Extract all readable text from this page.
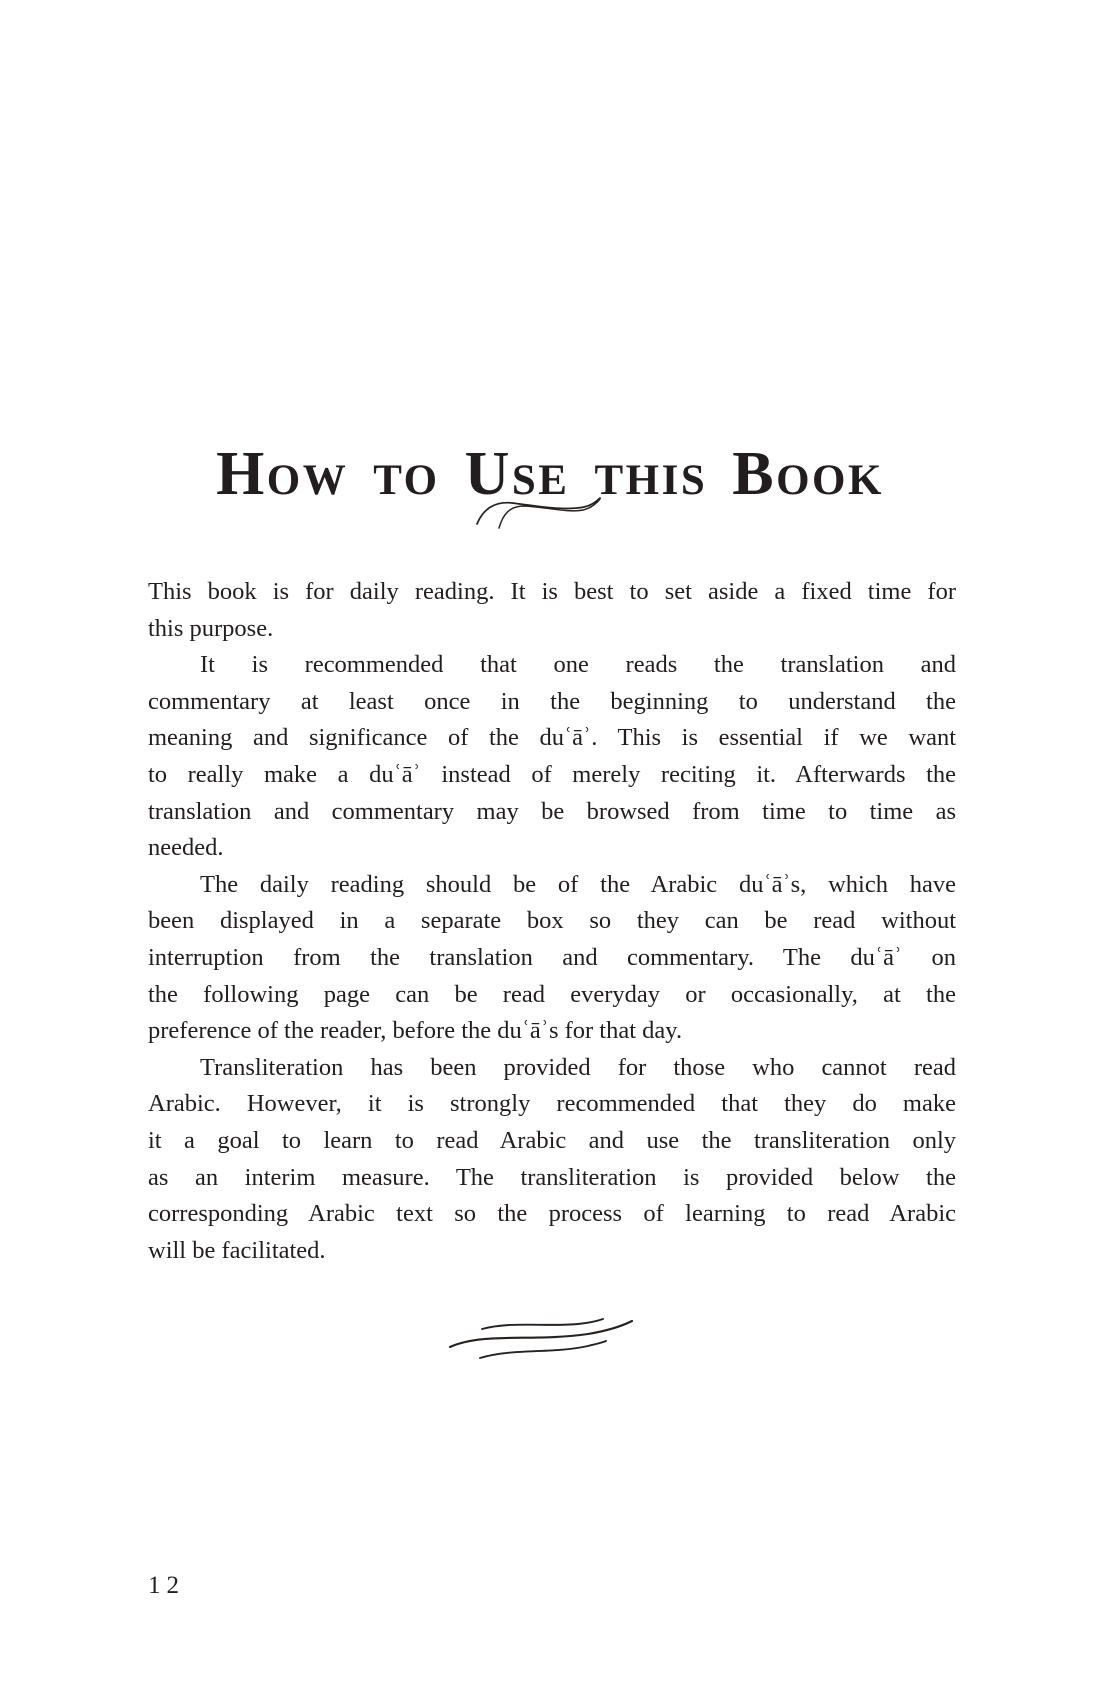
How to Use this Book
This book is for daily reading. It is best to set aside a fixed time for
this purpose.
It is recommended that one reads the translation and
commentary at least once in the beginning to understand the
meaning and significance of the duʿāʾ. This is essential if we want
to really make a duʿāʾ instead of merely reciting it. Afterwards the
translation and commentary may be browsed from time to time as
needed.
The daily reading should be of the Arabic duʿāʾs, which have
been displayed in a separate box so they can be read without
interruption from the translation and commentary. The duʿāʾ on
the following page can be read everyday or occasionally, at the
preference of the reader, before the duʿāʾs for that day.
Transliteration has been provided for those who cannot read
Arabic. However, it is strongly recommended that they do make
it a goal to learn to read Arabic and use the transliteration only
as an interim measure. The transliteration is provided below the
corresponding Arabic text so the process of learning to read Arabic
will be facilitated.
12
